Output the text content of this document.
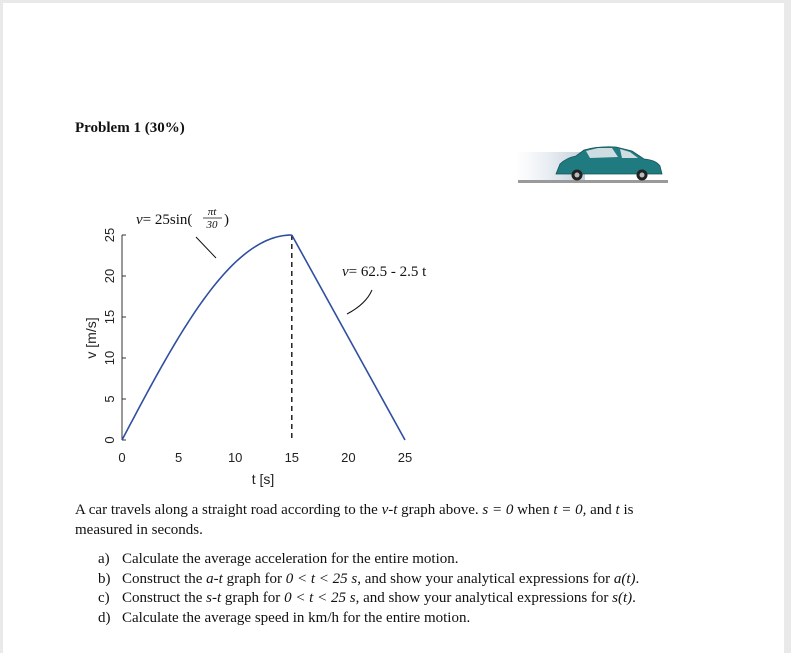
Problem 1 (30%)
0
5
10
15
20
25
0	5	10	15	20	25
v [m/s]
t [s]
v= 25sin( πt
30 )
v= 62.5 - 2.5 t
A car travels along a straight road according to the v-t graph above. s = 0 when t = 0, and t is measured in seconds.
a) Calculate the average acceleration for the entire motion.
b) Construct the a-t graph for 0 < t < 25 s, and show your analytical expressions for a(t).
c) Construct the s-t graph for 0 < t < 25 s, and show your analytical expressions for s(t).
d) Calculate the average speed in km/h for the entire motion.
